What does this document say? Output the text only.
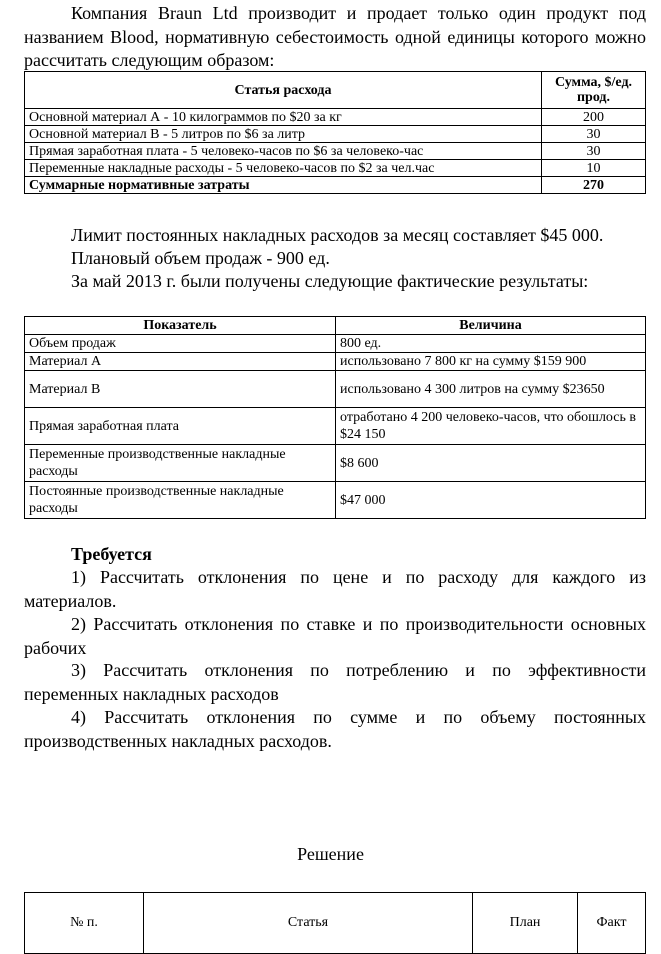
Компания Braun Ltd производит и продает только один продукт под названием Blood, нормативную себестоимость одной единицы которого можно рассчитать следующим образом:
Статья расхода	Сумма, $/ед. прод.
Основной материал А - 10 килограммов по $20 за кг	200
Основной материал В - 5 литров по $6 за литр	30
Прямая заработная плата - 5 человеко-часов по $6 за человеко-час	30
Переменные накладные расходы - 5 человеко-часов по $2 за чел.час	10
Суммарные нормативные затраты	270
Лимит постоянных накладных расходов за месяц составляет $45 000.
Плановый объем продаж - 900 ед.
За май 2013 г. были получены следующие фактические результаты:
Показатель	Величина
Объем продаж	800 ед.
Материал А	использовано 7 800 кг на сумму $159 900
Материал В	использовано 4 300 литров на сумму $23650
Прямая заработная плата	отработано 4 200 человеко-часов, что обошлось в $24 150
Переменные производственные накладные расходы	$8 600
Постоянные производственные накладные расходы	$47 000
Требуется
1) Рассчитать отклонения по цене и по расходу для каждого из материалов.
2) Рассчитать отклонения по ставке и по производительности основных рабочих
3) Рассчитать отклонения по потреблению и по эффективности переменных накладных расходов
4) Рассчитать отклонения по сумме и по объему постоянных производственных накладных расходов.
Решение
№ п.	Статья	План	Факт
